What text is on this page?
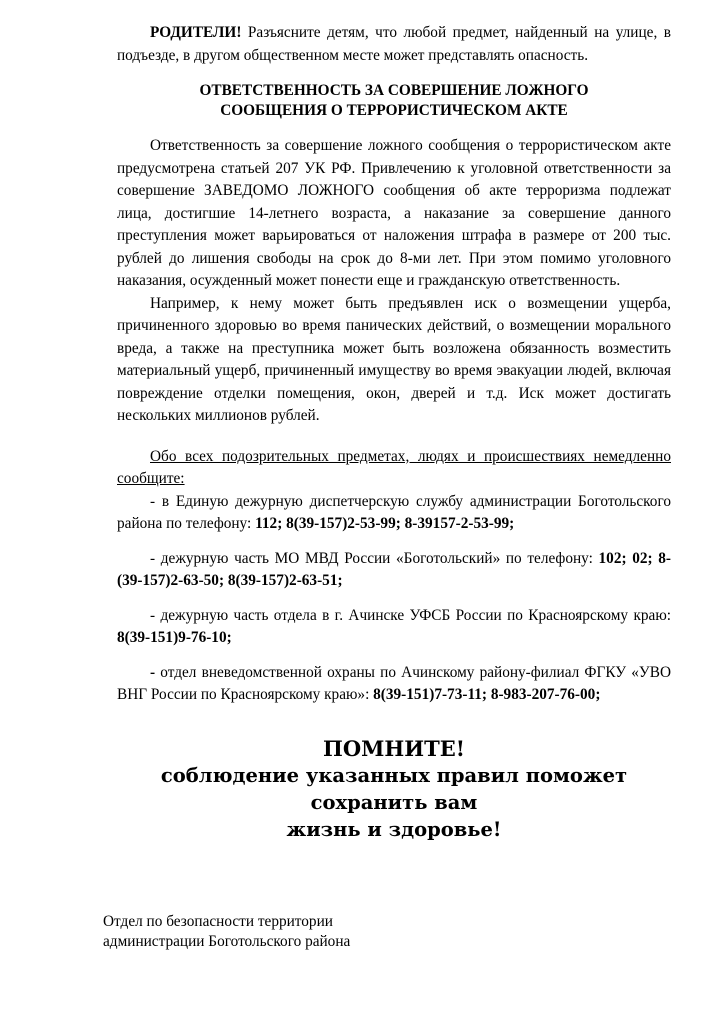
РОДИТЕЛИ! Разъясните детям, что любой предмет, найденный на улице, в подъезде, в другом общественном месте может представлять опасность.

ОТВЕТСТВЕННОСТЬ ЗА СОВЕРШЕНИЕ ЛОЖНОГО
СООБЩЕНИЯ О ТЕРРОРИСТИЧЕСКОМ АКТЕ

Ответственность за совершение ложного сообщения о террористическом акте предусмотрена статьей 207 УК РФ. Привлечению к уголовной ответственности за совершение ЗАВЕДОМО ЛОЖНОГО сообщения об акте терроризма подлежат лица, достигшие 14-летнего возраста, а наказание за совершение данного преступления может варьироваться от наложения штрафа в размере от 200 тыс. рублей до лишения свободы на срок до 8-ми лет. При этом помимо уголовного наказания, осужденный может понести еще и гражданскую ответственность.

Например, к нему может быть предъявлен иск о возмещении ущерба, причиненного здоровью во время панических действий, о возмещении морального вреда, а также на преступника может быть возложена обязанность возместить материальный ущерб, причиненный имуществу во время эвакуации людей, включая повреждение отделки помещения, окон, дверей и т.д. Иск может достигать нескольких миллионов рублей.

Обо всех подозрительных предметах, людях и происшествиях немедленно сообщите:

- в Единую дежурную диспетчерскую службу администрации Боготольского района по телефону: 112; 8(39-157)2-53-99; 8-39157-2-53-99;

- дежурную часть МО МВД России «Боготольский» по телефону: 102; 02; 8-(39-157)2-63-50; 8(39-157)2-63-51;

- дежурную часть отдела в г. Ачинске УФСБ России по Красноярскому краю: 8(39-151)9-76-10;

- отдел вневедомственной охраны по Ачинскому району-филиал ФГКУ «УВО ВНГ России по Красноярскому краю»: 8(39-151)7-73-11; 8-983-207-76-00;

ПОМНИТЕ!
соблюдение указанных правил поможет сохранить вам
жизнь и здоровье!
Отдел по безопасности территории
администрации Боготольского района
